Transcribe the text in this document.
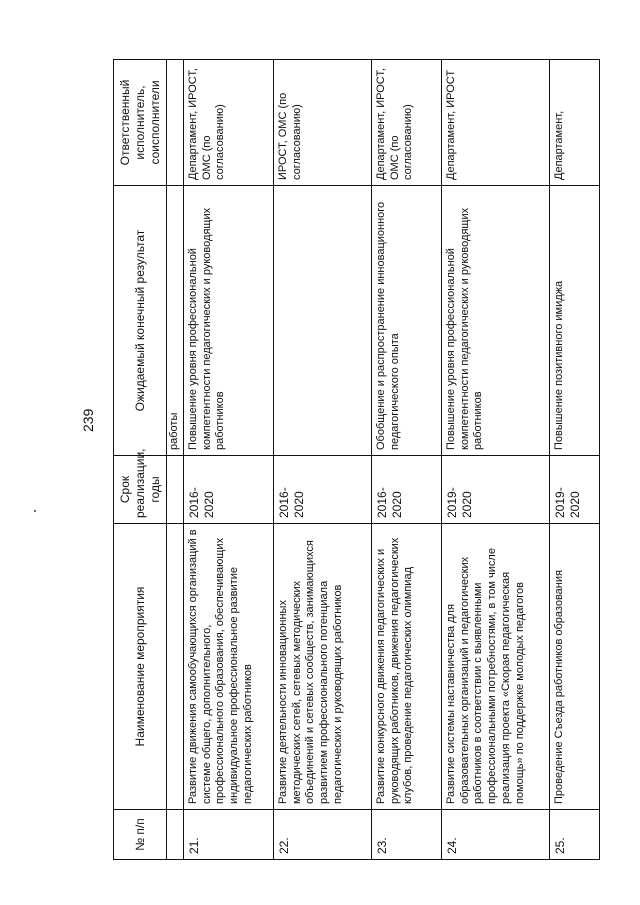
239
№ п/п	Наименование мероприятия	Срок реализации, годы	Ожидаемый конечный результат	Ответственный исполнитель, соисполнители
			работы	
21.	Развитие движения самообучающихся организаций в системе общего, дополнительного, профессионального образования, обеспечивающих индивидуальное профессиональное развитие педагогических работников	2016-2020	Повышение уровня профессиональной компетентности педагогических и руководящих работников	Департамент, ИРОСТ, ОМС (по согласованию)
22.	Развитие деятельности инновационных методических сетей, сетевых методических объединений и сетевых сообществ, занимающихся развитием профессионального потенциала педагогических и руководящих работников	2016-2020		ИРОСТ, ОМС (по согласованию)
23.	Развитие конкурсного движения педагогических и руководящих работников, движения педагогических клубов, проведение педагогических олимпиад	2016-2020	Обобщение и распространение инновационного педагогического опыта	Департамент, ИРОСТ, ОМС (по согласованию)
24.	Развитие системы наставничества для образовательных организаций и педагогических работников в соответствии с выявленными профессиональными потребностями, в том числе реализация проекта «Скорая педагогическая помощь» по поддержке молодых педагогов	2019-2020	Повышение уровня профессиональной компетентности педагогических и руководящих работников	Департамент, ИРОСТ
25.	Проведение Съезда работников образования	2019-2020	Повышение позитивного имиджа	Департамент,
